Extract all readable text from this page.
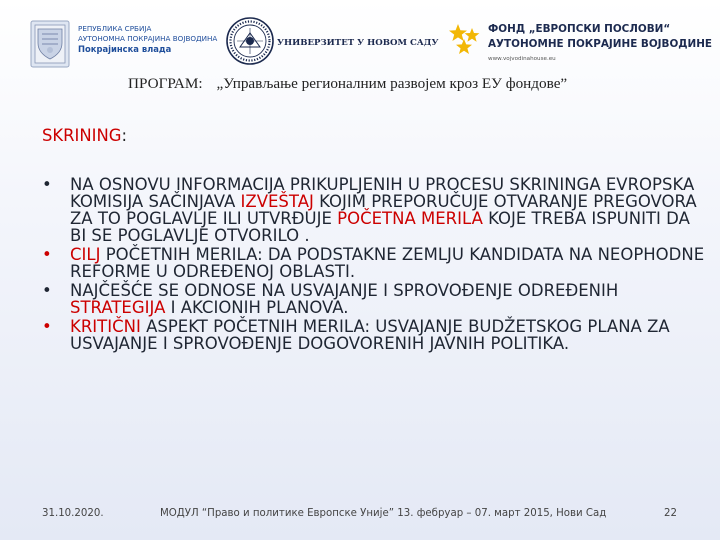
РЕПУБЛИКА СРБИЈА
АУТОНОМНА ПОКРАЈИНА ВОЈВОДИНА
Покрајинска влада
УНИВЕРЗИТЕТ У НОВОМ САДУ
ФОНД „ЕВРОПСКИ ПОСЛОВИ“
АУТОНОМНЕ ПОКРАЈИНЕ ВОЈВОДИНЕ
www.vojvodinahouse.eu
ПРОГРАМ: „Управљање регионалним развојем кроз ЕУ фондове”
SKRINING:
• NA OSNOVU INFORMACIJA PRIKUPLJENIH U PROCESU SKRININGA EVROPSKA KOMISIJA SAČINJAVA IZVEŠTAJ KOJIM PREPORUČUJE OTVARANJE PREGOVORA ZA TO POGLAVLJE ILI UTVRĐUJE POČETNA MERILA KOJE TREBA ISPUNITI DA BI SE POGLAVLJE OTVORILO .
• CILJ POČETNIH MERILA: DA PODSTAKNE ZEMLJU KANDIDATA NA NEOPHODNE REFORME U ODREĐENOJ OBLASTI.
• NAJČEŠĆE SE ODNOSE NA USVAJANJE I SPROVOĐENJE ODREĐENIH STRATEGIJA I AKCIONIH PLANOVA.
• KRITIČNI ASPEKT POČETNIH MERILA: USVAJANJE BUDŽETSKOG PLANA ZA USVAJANJE I SPROVOĐENJE DOGOVORENIH JAVNIH POLITIKA.
31.10.2020.	МОДУЛ “Право и политике Европске Уније” 13. фебруар – 07. март 2015, Нови Сад	22
